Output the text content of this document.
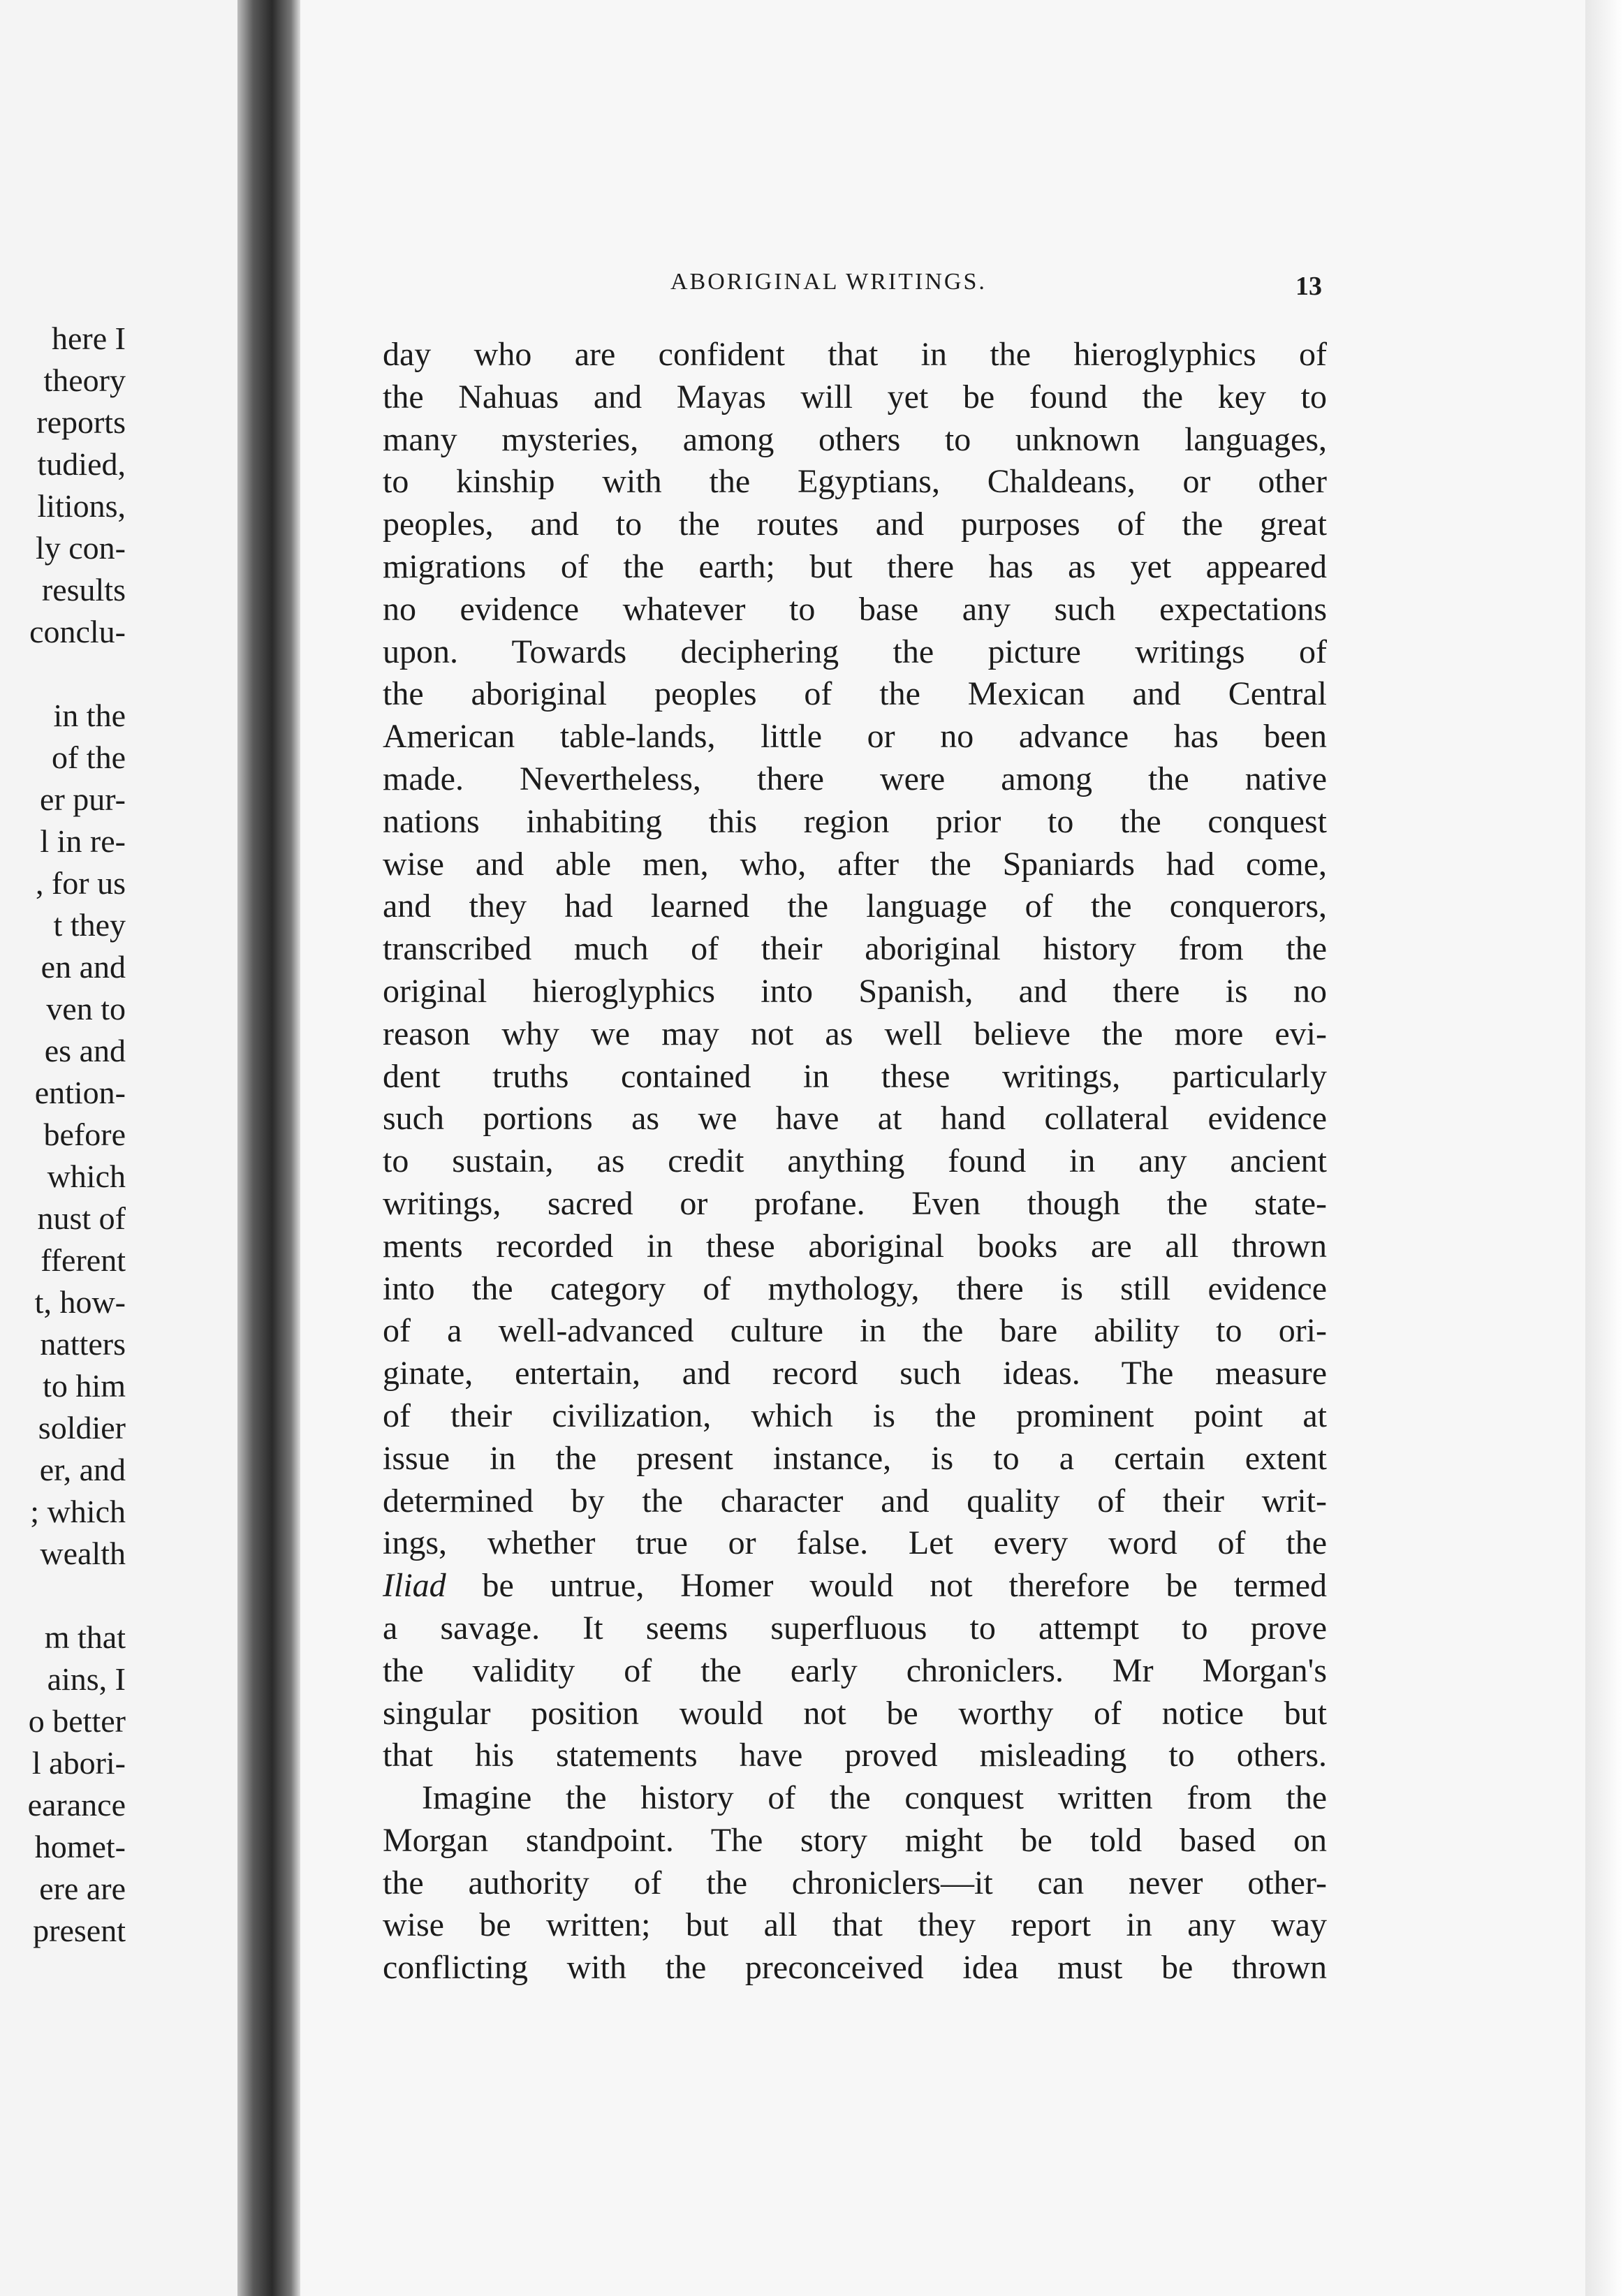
here I
theory
reports
tudied,
litions,
ly con-
results
conclu-
in the
of the
er pur-
l in re-
, for us
t they
en and
ven to
es and
ention-
before
which
nust of
fferent
t, how-
natters
to him
soldier
er, and
; which
wealth
m that
ains, I
o better
l abori-
earance
homet-
ere are
present
ABORIGINAL WRITINGS.	13
day who are confident that in the hieroglyphics of
the Nahuas and Mayas will yet be found the key to
many mysteries, among others to unknown languages,
to kinship with the Egyptians, Chaldeans, or other
peoples, and to the routes and purposes of the great
migrations of the earth; but there has as yet appeared
no evidence whatever to base any such expectations
upon. Towards deciphering the picture writings of
the aboriginal peoples of the Mexican and Central
American table-lands, little or no advance has been
made. Nevertheless, there were among the native
nations inhabiting this region prior to the conquest
wise and able men, who, after the Spaniards had come,
and they had learned the language of the conquerors,
transcribed much of their aboriginal history from the
original hieroglyphics into Spanish, and there is no
reason why we may not as well believe the more evi-
dent truths contained in these writings, particularly
such portions as we have at hand collateral evidence
to sustain, as credit anything found in any ancient
writings, sacred or profane. Even though the state-
ments recorded in these aboriginal books are all thrown
into the category of mythology, there is still evidence
of a well-advanced culture in the bare ability to ori-
ginate, entertain, and record such ideas. The measure
of their civilization, which is the prominent point at
issue in the present instance, is to a certain extent
determined by the character and quality of their writ-
ings, whether true or false. Let every word of the
Iliad be untrue, Homer would not therefore be termed
a savage. It seems superfluous to attempt to prove
the validity of the early chroniclers. Mr Morgan's
singular position would not be worthy of notice but
that his statements have proved misleading to others.
Imagine the history of the conquest written from the
Morgan standpoint. The story might be told based on
the authority of the chroniclers—it can never other-
wise be written; but all that they report in any way
conflicting with the preconceived idea must be thrown
